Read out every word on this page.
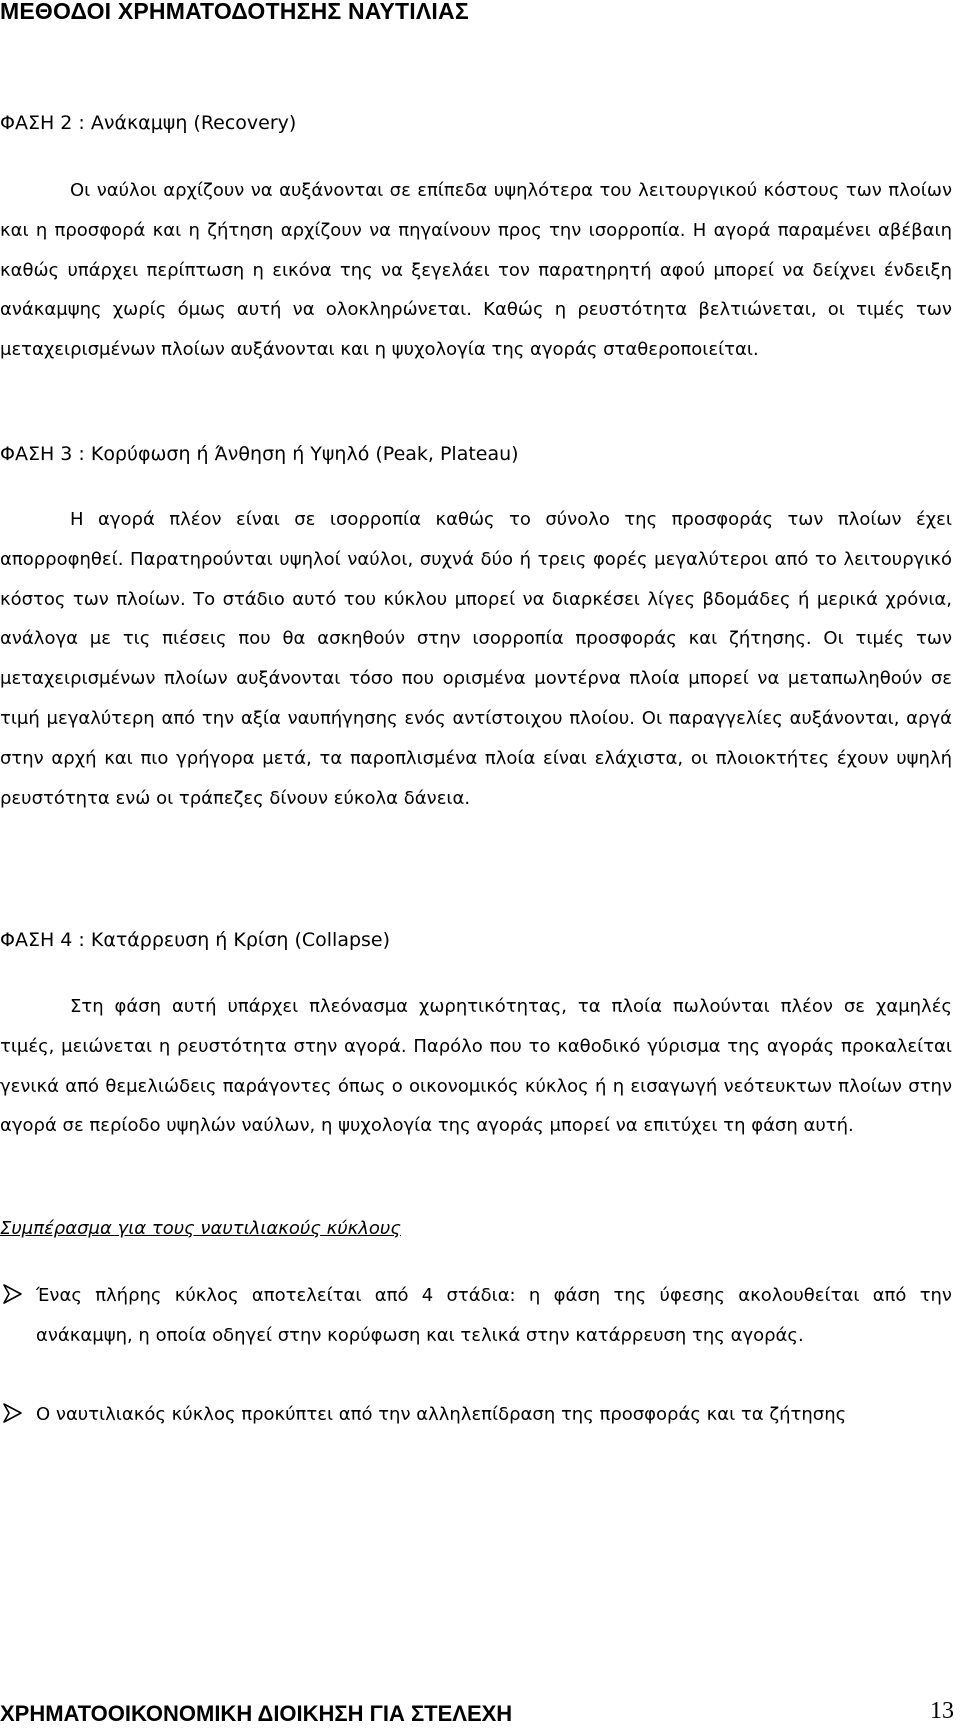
ΜΕΘΟΔΟΙ ΧΡΗΜΑΤΟΔΟΤΗΣΗΣ ΝΑΥΤΙΛΙΑΣ
ΦΑΣΗ 2 : Ανάκαμψη (Recovery)
Οι ναύλοι αρχίζουν να αυξάνονται σε επίπεδα υψηλότερα του λειτουργικού κόστους των πλοίων και η προσφορά και η ζήτηση αρχίζουν να πηγαίνουν προς την ισορροπία. Η αγορά παραμένει αβέβαιη καθώς υπάρχει περίπτωση η εικόνα της να ξεγελάει τον παρατηρητή αφού μπορεί να δείχνει ένδειξη ανάκαμψης χωρίς όμως αυτή να ολοκληρώνεται. Καθώς η ρευστότητα βελτιώνεται, οι τιμές των μεταχειρισμένων πλοίων αυξάνονται και η ψυχολογία της αγοράς σταθεροποιείται.
ΦΑΣΗ 3 : Κορύφωση ή Άνθηση ή Υψηλό (Peak, Plateau)
Η αγορά πλέον είναι σε ισορροπία καθώς το σύνολο της προσφοράς των πλοίων έχει απορροφηθεί. Παρατηρούνται υψηλοί ναύλοι, συχνά δύο ή τρεις φορές μεγαλύτεροι από το λειτουργικό κόστος των πλοίων. Το στάδιο αυτό του κύκλου μπορεί να διαρκέσει λίγες βδομάδες ή μερικά χρόνια, ανάλογα με τις πιέσεις που θα ασκηθούν στην ισορροπία προσφοράς και ζήτησης. Οι τιμές των μεταχειρισμένων πλοίων αυξάνονται τόσο που ορισμένα μοντέρνα πλοία μπορεί να μεταπωληθούν σε τιμή μεγαλύτερη από την αξία ναυπήγησης ενός αντίστοιχου πλοίου. Οι παραγγελίες αυξάνονται, αργά στην αρχή και πιο γρήγορα μετά, τα παροπλισμένα πλοία είναι ελάχιστα, οι πλοιοκτήτες έχουν υψηλή ρευστότητα ενώ οι τράπεζες δίνουν εύκολα δάνεια.
ΦΑΣΗ 4 : Κατάρρευση ή Κρίση (Collapse)
Στη φάση αυτή υπάρχει πλεόνασμα χωρητικότητας, τα πλοία πωλούνται πλέον σε χαμηλές τιμές, μειώνεται η ρευστότητα στην αγορά. Παρόλο που το καθοδικό γύρισμα της αγοράς προκαλείται γενικά από θεμελιώδεις παράγοντες όπως ο οικονομικός κύκλος ή η εισαγωγή νεότευκτων πλοίων στην αγορά σε περίοδο υψηλών ναύλων, η ψυχολογία της αγοράς μπορεί να επιτύχει τη φάση αυτή.
Συμπέρασμα για τους ναυτιλιακούς κύκλους
Ένας πλήρης κύκλος αποτελείται από 4 στάδια: η φάση της ύφεσης ακολουθείται από την ανάκαμψη, η οποία οδηγεί στην κορύφωση και τελικά στην κατάρρευση της αγοράς.
Ο ναυτιλιακός κύκλος προκύπτει από την αλληλεπίδραση της προσφοράς και τα ζήτησης
ΧΡΗΜΑΤΟΟΙΚΟΝΟΜΙΚΗ ΔΙΟΙΚΗΣΗ ΓΙΑ ΣΤΕΛΕΧΗ	13
